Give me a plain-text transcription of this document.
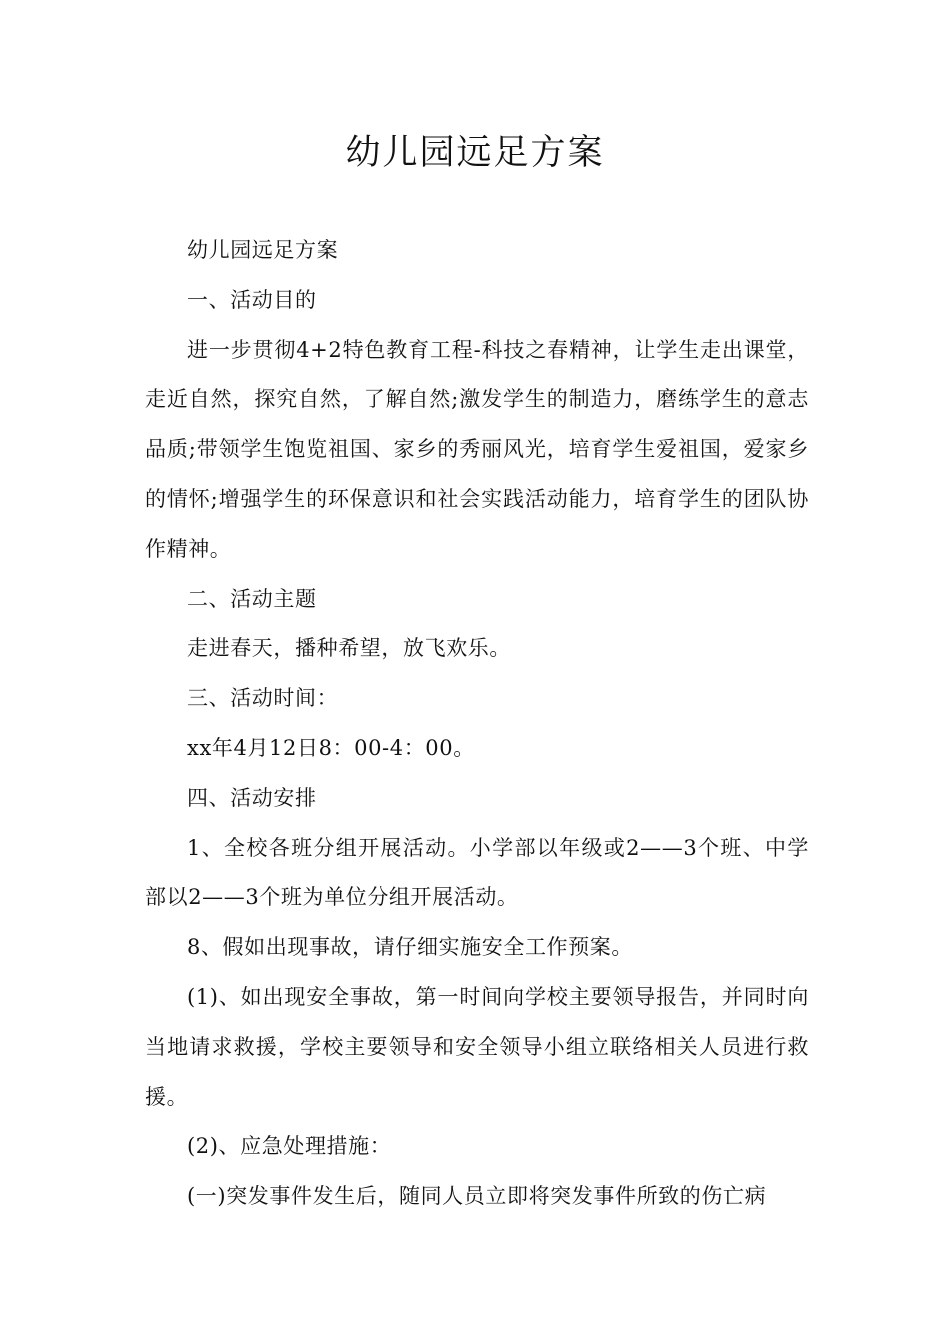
幼儿园远足方案

幼儿园远足方案

一、活动目的

进一步贯彻4+2特色教育工程-科技之春精神，让学生走出课堂，走近自然，探究自然，了解自然;激发学生的制造力，磨练学生的意志品质;带领学生饱览祖国、家乡的秀丽风光，培育学生爱祖国，爱家乡的情怀;增强学生的环保意识和社会实践活动能力，培育学生的团队协作精神。

二、活动主题

走进春天，播种希望，放飞欢乐。

三、活动时间：

xx年4月12日8：00-4：00。

四、活动安排

1、全校各班分组开展活动。小学部以年级或2——3个班、中学部以2——3个班为单位分组开展活动。

8、假如出现事故，请仔细实施安全工作预案。

(1)、如出现安全事故，第一时间向学校主要领导报告，并同时向当地请求救援，学校主要领导和安全领导小组立联络相关人员进行救援。

(2)、应急处理措施：

(一)突发事件发生后，随同人员立即将突发事件所致的伤亡病
